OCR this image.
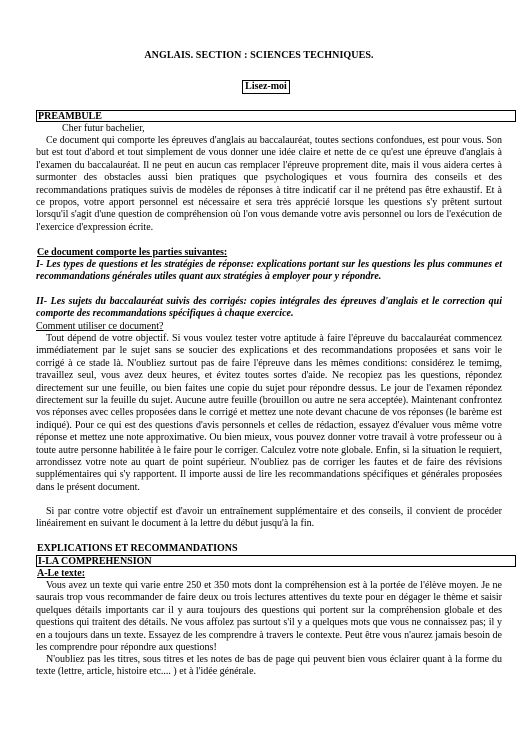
ANGLAIS. SECTION : SCIENCES TECHNIQUES.
Lisez-moi
PREAMBULE
Cher futur bachelier,

Ce document qui comporte les épreuves d'anglais au baccalauréat, toutes sections confondues, est pour vous. Son but est tout d'abord et tout simplement de vous donner une idée claire et nette de ce qu'est une épreuve d'anglais à l'examen du baccalauréat. Il ne peut en aucun cas remplacer l'épreuve proprement dite, mais il vous aidera certes à surmonter des obstacles aussi bien pratiques que psychologiques et vous fournira des conseils et des recommandations pratiques suivis de modèles de réponses à titre indicatif car il ne prétend pas être exhaustif. Et à ce propos, votre apport personnel est nécessaire et sera très apprécié lorsque les questions s'y prêtent surtout lorsqu'il s'agit d'une question de compréhension où l'on vous demande votre avis personnel ou lors de l'exécution de l'exercice d'expression écrite.

Ce document comporte les parties suivantes:

I- Les types de questions et les stratégies de réponse: explications portant sur les questions les plus communes et recommandations générales utiles quant aux stratégies à employer pour y répondre.

II- Les sujets du baccalauréat suivis des corrigés: copies intégrales des épreuves d'anglais et le correction qui comporte des recommandations spécifiques à chaque exercice.

Comment utiliser ce document?

Tout dépend de votre objectif. Si vous voulez tester votre aptitude à faire l'épreuve du baccalauréat commencez immédiatement par le sujet sans se soucier des explications et des recommandations proposées et sans voir le corrigé à ce stade là. N'oubliez surtout pas de faire l'épreuve dans les mêmes conditions: considérez le temimg, travaillez seul, vous avez deux heures, et évitez toutes sortes d'aide. Ne recopiez pas les questions, répondez directement sur une feuille, ou bien faites une copie du sujet pour répondre dessus. Le jour de l'examen répondez directement sur la feuille du sujet. Aucune autre feuille (brouillon ou autre ne sera acceptée). Maintenant confrontez vos réponses avec celles proposées dans le corrigé et mettez une note devant chacune de vos réponses (le barème est indiqué). Pour ce qui est des questions d'avis personnels et celles de rédaction, essayez d'évaluer vous même votre réponse et mettez une note approximative. Ou bien mieux, vous pouvez donner votre travail à votre professeur ou à toute autre personne habilitée à le faire pour le corriger. Calculez votre note globale. Enfin, si la situation le requiert, arrondissez votre note au quart de point supérieur. N'oubliez pas de corriger les fautes et de faire des révisions supplémentaires qui s'y rapportent. Il importe aussi de lire les recommandations spécifiques et générales proposées dans le présent document.

Si par contre votre objectif est d'avoir un entraînement supplémentaire et des conseils, il convient de procéder linéairement en suivant le document à la lettre du début jusqu'à la fin.

EXPLICATIONS ET RECOMMANDATIONS
I-LA COMPREHENSION
A-Le texte:

Vous avez un texte qui varie entre 250 et 350 mots dont la compréhension est à la portée de l'élève moyen. Je ne saurais trop vous recommander de faire deux ou trois lectures attentives du texte pour en dégager le thème et saisir quelques détails importants car il y aura toujours des questions qui portent sur la compréhension globale et des questions qui traitent des détails. Ne vous affolez pas surtout s'il y a quelques mots que vous ne connaissez pas; il y en a toujours dans un texte. Essayez de les comprendre à travers le contexte. Peut être vous n'aurez jamais besoin de les comprendre pour répondre aux questions!

N'oubliez pas les titres, sous titres et les notes de bas de page qui peuvent bien vous éclairer quant à la forme du texte (lettre, article, histoire etc.... ) et à l'idée générale.
